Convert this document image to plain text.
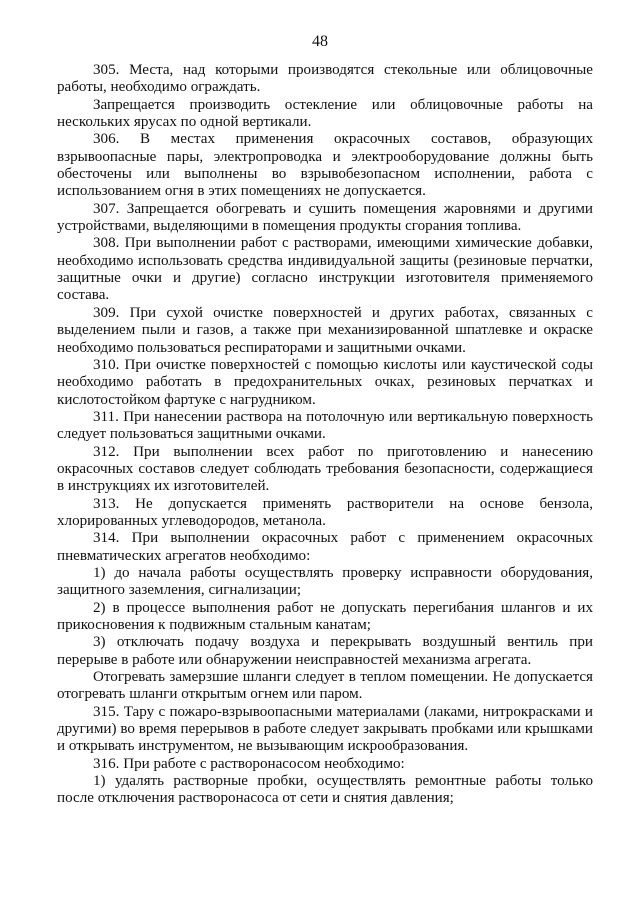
48

305. Места, над которыми производятся стекольные или облицовочные работы, необходимо ограждать.

Запрещается производить остекление или облицовочные работы на нескольких ярусах по одной вертикали.

306. В местах применения окрасочных составов, образующих взрывоопасные пары, электропроводка и электрооборудование должны быть обесточены или выполнены во взрывобезопасном исполнении, работа с использованием огня в этих помещениях не допускается.

307. Запрещается обогревать и сушить помещения жаровнями и другими устройствами, выделяющими в помещения продукты сгорания топлива.

308. При выполнении работ с растворами, имеющими химические добавки, необходимо использовать средства индивидуальной защиты (резиновые перчатки, защитные очки и другие) согласно инструкции изготовителя применяемого состава.

309. При сухой очистке поверхностей и других работах, связанных с выделением пыли и газов, а также при механизированной шпатлевке и окраске необходимо пользоваться респираторами и защитными очками.

310. При очистке поверхностей с помощью кислоты или каустической соды необходимо работать в предохранительных очках, резиновых перчатках и кислотостойком фартуке с нагрудником.

311. При нанесении раствора на потолочную или вертикальную поверхность следует пользоваться защитными очками.

312. При выполнении всех работ по приготовлению и нанесению окрасочных составов следует соблюдать требования безопасности, содержащиеся в инструкциях их изготовителей.

313. Не допускается применять растворители на основе бензола, хлорированных углеводородов, метанола.

314. При выполнении окрасочных работ с применением окрасочных пневматических агрегатов необходимо:

1) до начала работы осуществлять проверку исправности оборудования, защитного заземления, сигнализации;

2) в процессе выполнения работ не допускать перегибания шлангов и их прикосновения к подвижным стальным канатам;

3) отключать подачу воздуха и перекрывать воздушный вентиль при перерыве в работе или обнаружении неисправностей механизма агрегата.

Отогревать замерзшие шланги следует в теплом помещении. Не допускается отогревать шланги открытым огнем или паром.

315. Тару с пожаро-взрывоопасными материалами (лаками, нитрокрасками и другими) во время перерывов в работе следует закрывать пробками или крышками и открывать инструментом, не вызывающим искрообразования.

316. При работе с растворонасосом необходимо:

1) удалять растворные пробки, осуществлять ремонтные работы только после отключения растворонасоса от сети и снятия давления;
